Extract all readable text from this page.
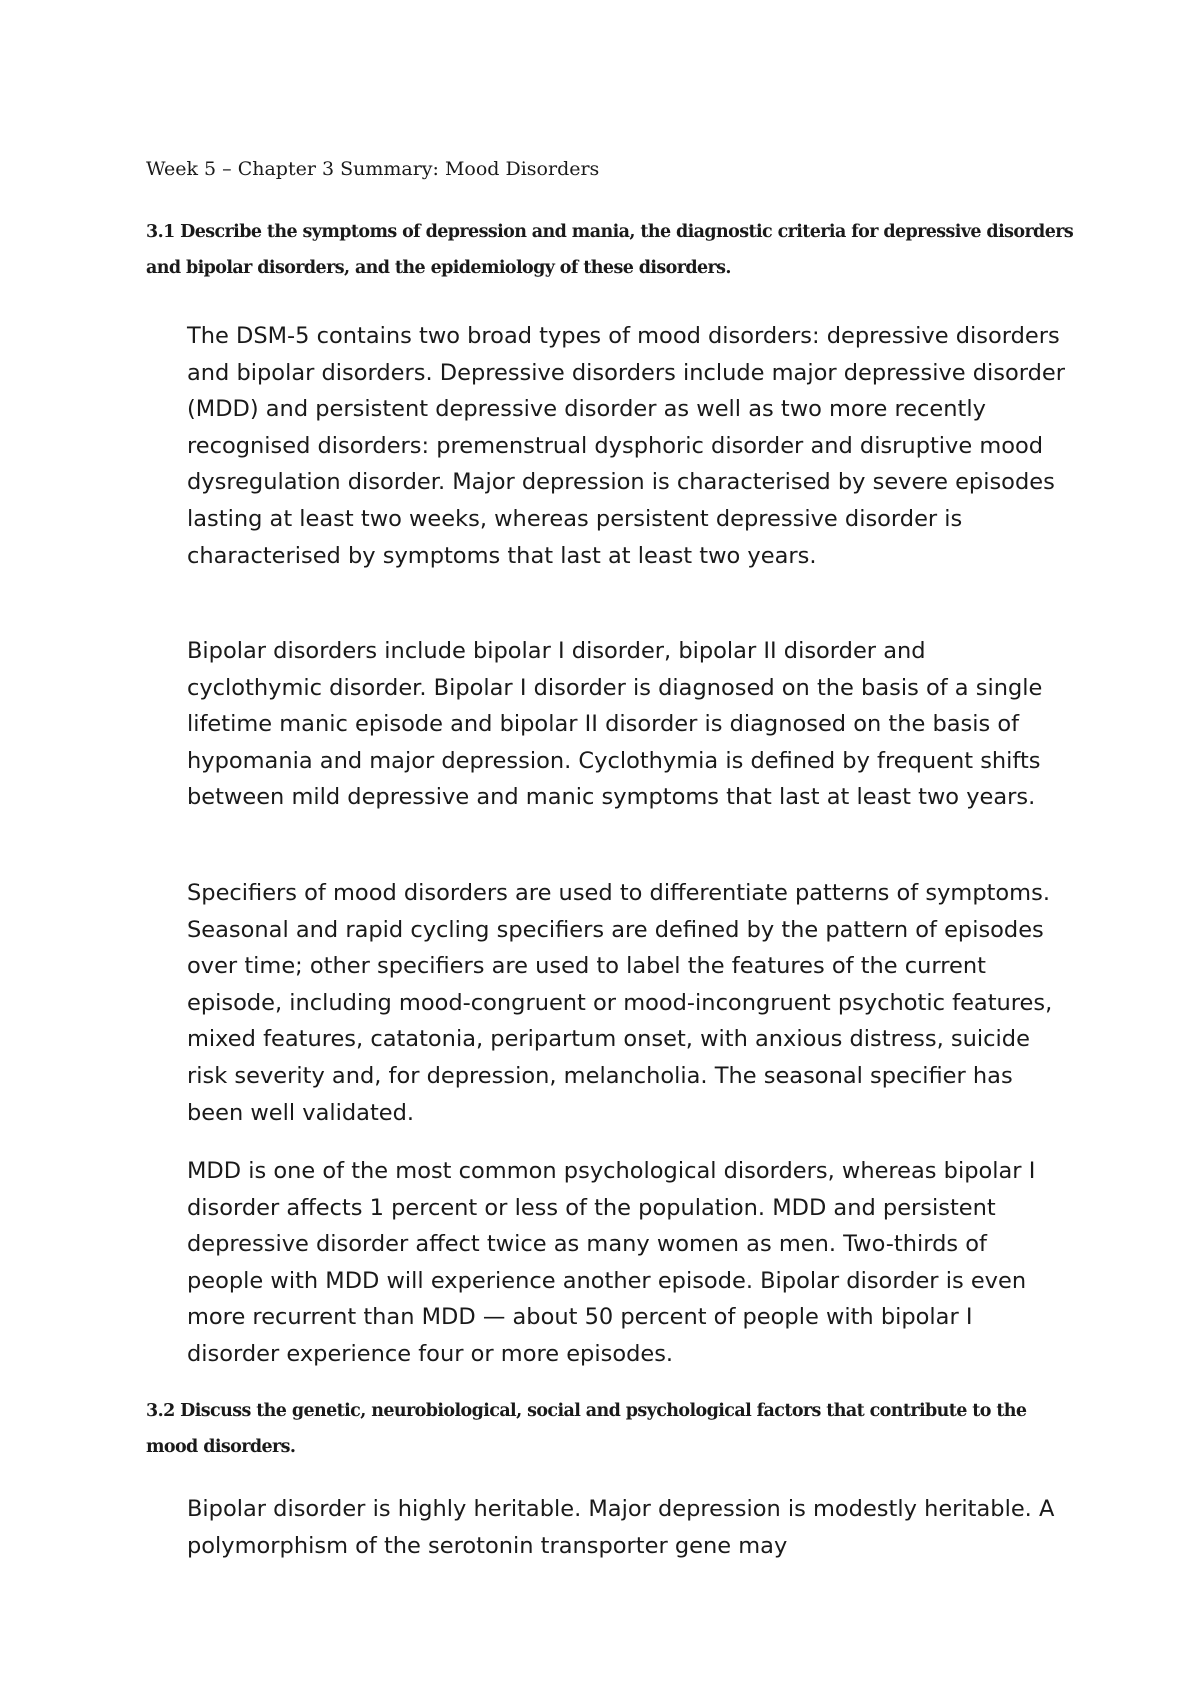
Week 5 – Chapter 3 Summary: Mood Disorders
3.1 Describe the symptoms of depression and mania, the diagnostic criteria for depressive disorders and bipolar disorders, and the epidemiology of these disorders.

The DSM-5 contains two broad types of mood disorders: depressive disorders and bipolar disorders. Depressive disorders include major depressive disorder (MDD) and persistent depressive disorder as well as two more recently recognised disorders: premenstrual dysphoric disorder and disruptive mood dysregulation disorder. Major depression is characterised by severe episodes lasting at least two weeks, whereas persistent depressive disorder is characterised by symptoms that last at least two years.

Bipolar disorders include bipolar I disorder, bipolar II disorder and cyclothymic disorder. Bipolar I disorder is diagnosed on the basis of a single lifetime manic episode and bipolar II disorder is diagnosed on the basis of hypomania and major depression. Cyclothymia is defined by frequent shifts between mild depressive and manic symptoms that last at least two years.

Specifiers of mood disorders are used to differentiate patterns of symptoms. Seasonal and rapid cycling specifiers are defined by the pattern of episodes over time; other specifiers are used to label the features of the current episode, including mood-congruent or mood-incongruent psychotic features, mixed features, catatonia, peripartum onset, with anxious distress, suicide risk severity and, for depression, melancholia. The seasonal specifier has been well validated.

MDD is one of the most common psychological disorders, whereas bipolar I disorder affects 1 percent or less of the population. MDD and persistent depressive disorder affect twice as many women as men. Two-thirds of people with MDD will experience another episode. Bipolar disorder is even more recurrent than MDD — about 50 percent of people with bipolar I disorder experience four or more episodes.

3.2 Discuss the genetic, neurobiological, social and psychological factors that contribute to the mood disorders.

Bipolar disorder is highly heritable. Major depression is modestly heritable. A polymorphism of the serotonin transporter gene may
